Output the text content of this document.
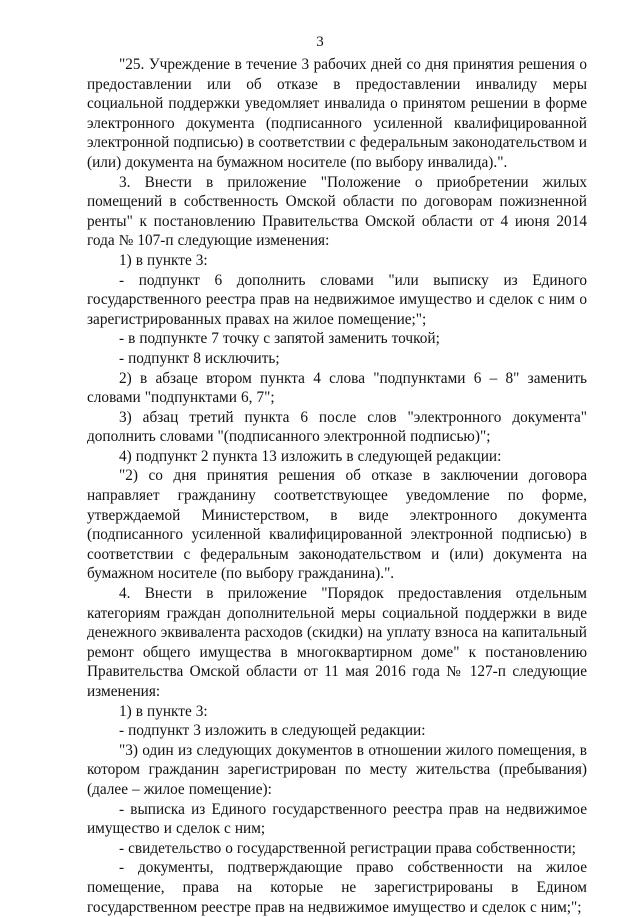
3

"25. Учреждение в течение 3 рабочих дней со дня принятия решения о предоставлении или об отказе в предоставлении инвалиду меры социальной поддержки уведомляет инвалида о принятом решении в форме электронного документа (подписанного усиленной квалифицированной электронной подписью) в соответствии с федеральным законодательством и (или) документа на бумажном носителе (по выбору инвалида).".

3. Внести в приложение "Положение о приобретении жилых помещений в собственность Омской области по договорам пожизненной ренты" к постановлению Правительства Омской области от 4 июня 2014 года № 107-п следующие изменения:

1) в пункте 3:

- подпункт 6 дополнить словами "или выписку из Единого государственного реестра прав на недвижимое имущество и сделок с ним о зарегистрированных правах на жилое помещение;";

- в подпункте 7 точку с запятой заменить точкой;

- подпункт 8 исключить;

2) в абзаце втором пункта 4 слова "подпунктами 6 – 8" заменить словами "подпунктами 6, 7";

3) абзац третий пункта 6 после слов "электронного документа" дополнить словами "(подписанного электронной подписью)";

4) подпункт 2 пункта 13 изложить в следующей редакции:

"2) со дня принятия решения об отказе в заключении договора направляет гражданину соответствующее уведомление по форме, утверждаемой Министерством, в виде электронного документа (подписанного усиленной квалифицированной электронной подписью) в соответствии с федеральным законодательством и (или) документа на бумажном носителе (по выбору гражданина).".

4. Внести в приложение "Порядок предоставления отдельным категориям граждан дополнительной меры социальной поддержки в виде денежного эквивалента расходов (скидки) на уплату взноса на капитальный ремонт общего имущества в многоквартирном доме" к постановлению Правительства Омской области от 11 мая 2016 года № 127-п следующие изменения:

1) в пункте 3:

- подпункт 3 изложить в следующей редакции:

"3) один из следующих документов в отношении жилого помещения, в котором гражданин зарегистрирован по месту жительства (пребывания) (далее – жилое помещение):

- выписка из Единого государственного реестра прав на недвижимое имущество и сделок с ним;

- свидетельство о государственной регистрации права собственности;

- документы, подтверждающие право собственности на жилое помещение, права на которые не зарегистрированы в Едином государственном реестре прав на недвижимое имущество и сделок с ним;";
